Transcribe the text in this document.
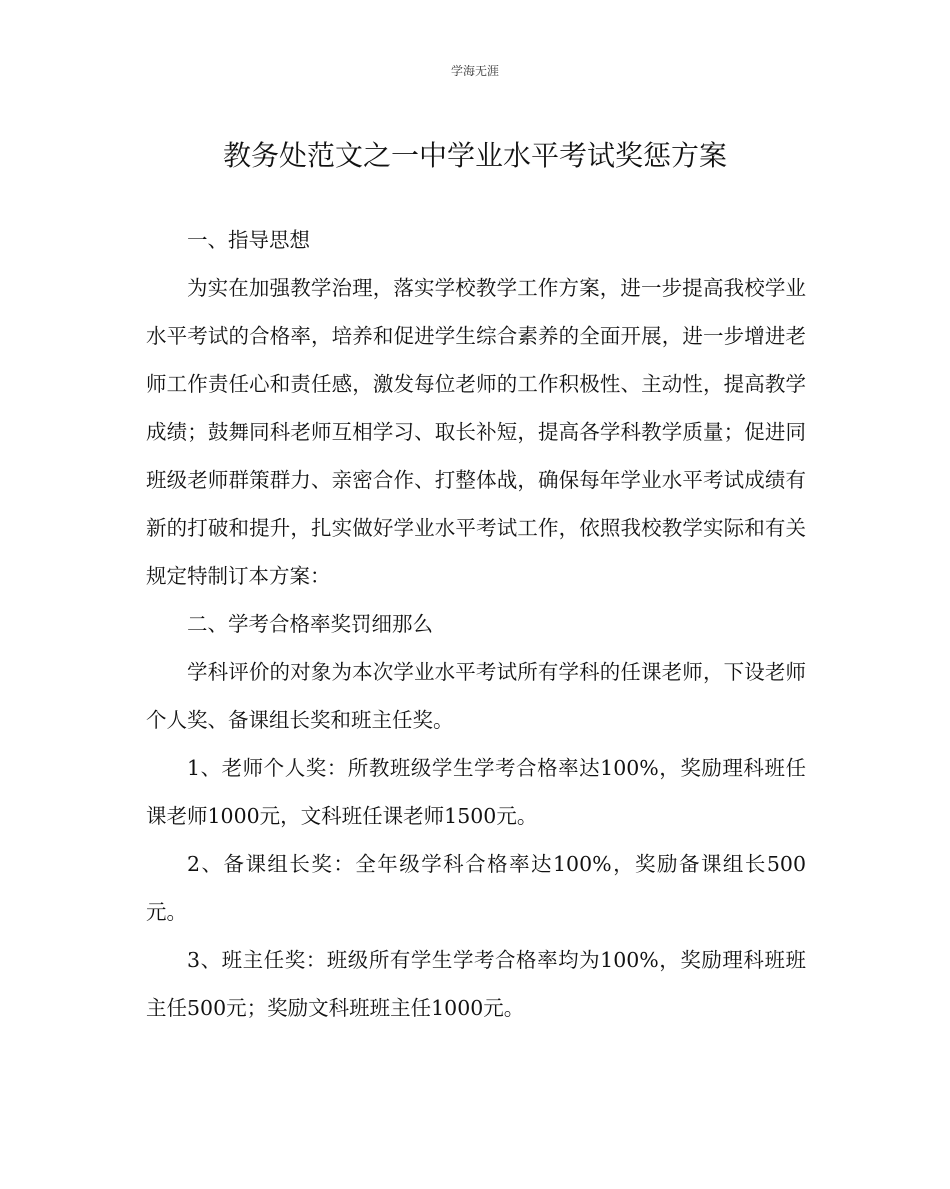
学海无涯
教务处范文之一中学业水平考试奖惩方案

一、指导思想

为实在加强教学治理，落实学校教学工作方案，进一步提高我校学业水平考试的合格率，培养和促进学生综合素养的全面开展，进一步增进老师工作责任心和责任感，激发每位老师的工作积极性、主动性，提高教学成绩；鼓舞同科老师互相学习、取长补短，提高各学科教学质量；促进同班级老师群策群力、亲密合作、打整体战，确保每年学业水平考试成绩有新的打破和提升，扎实做好学业水平考试工作，依照我校教学实际和有关规定特制订本方案：

二、学考合格率奖罚细那么

学科评价的对象为本次学业水平考试所有学科的任课老师，下设老师个人奖、备课组长奖和班主任奖。

1、老师个人奖：所教班级学生学考合格率达100%，奖励理科班任课老师1000元，文科班任课老师1500元。

2、备课组长奖：全年级学科合格率达100%，奖励备课组长500元。

3、班主任奖：班级所有学生学考合格率均为100%，奖励理科班班主任500元；奖励文科班班主任1000元。
